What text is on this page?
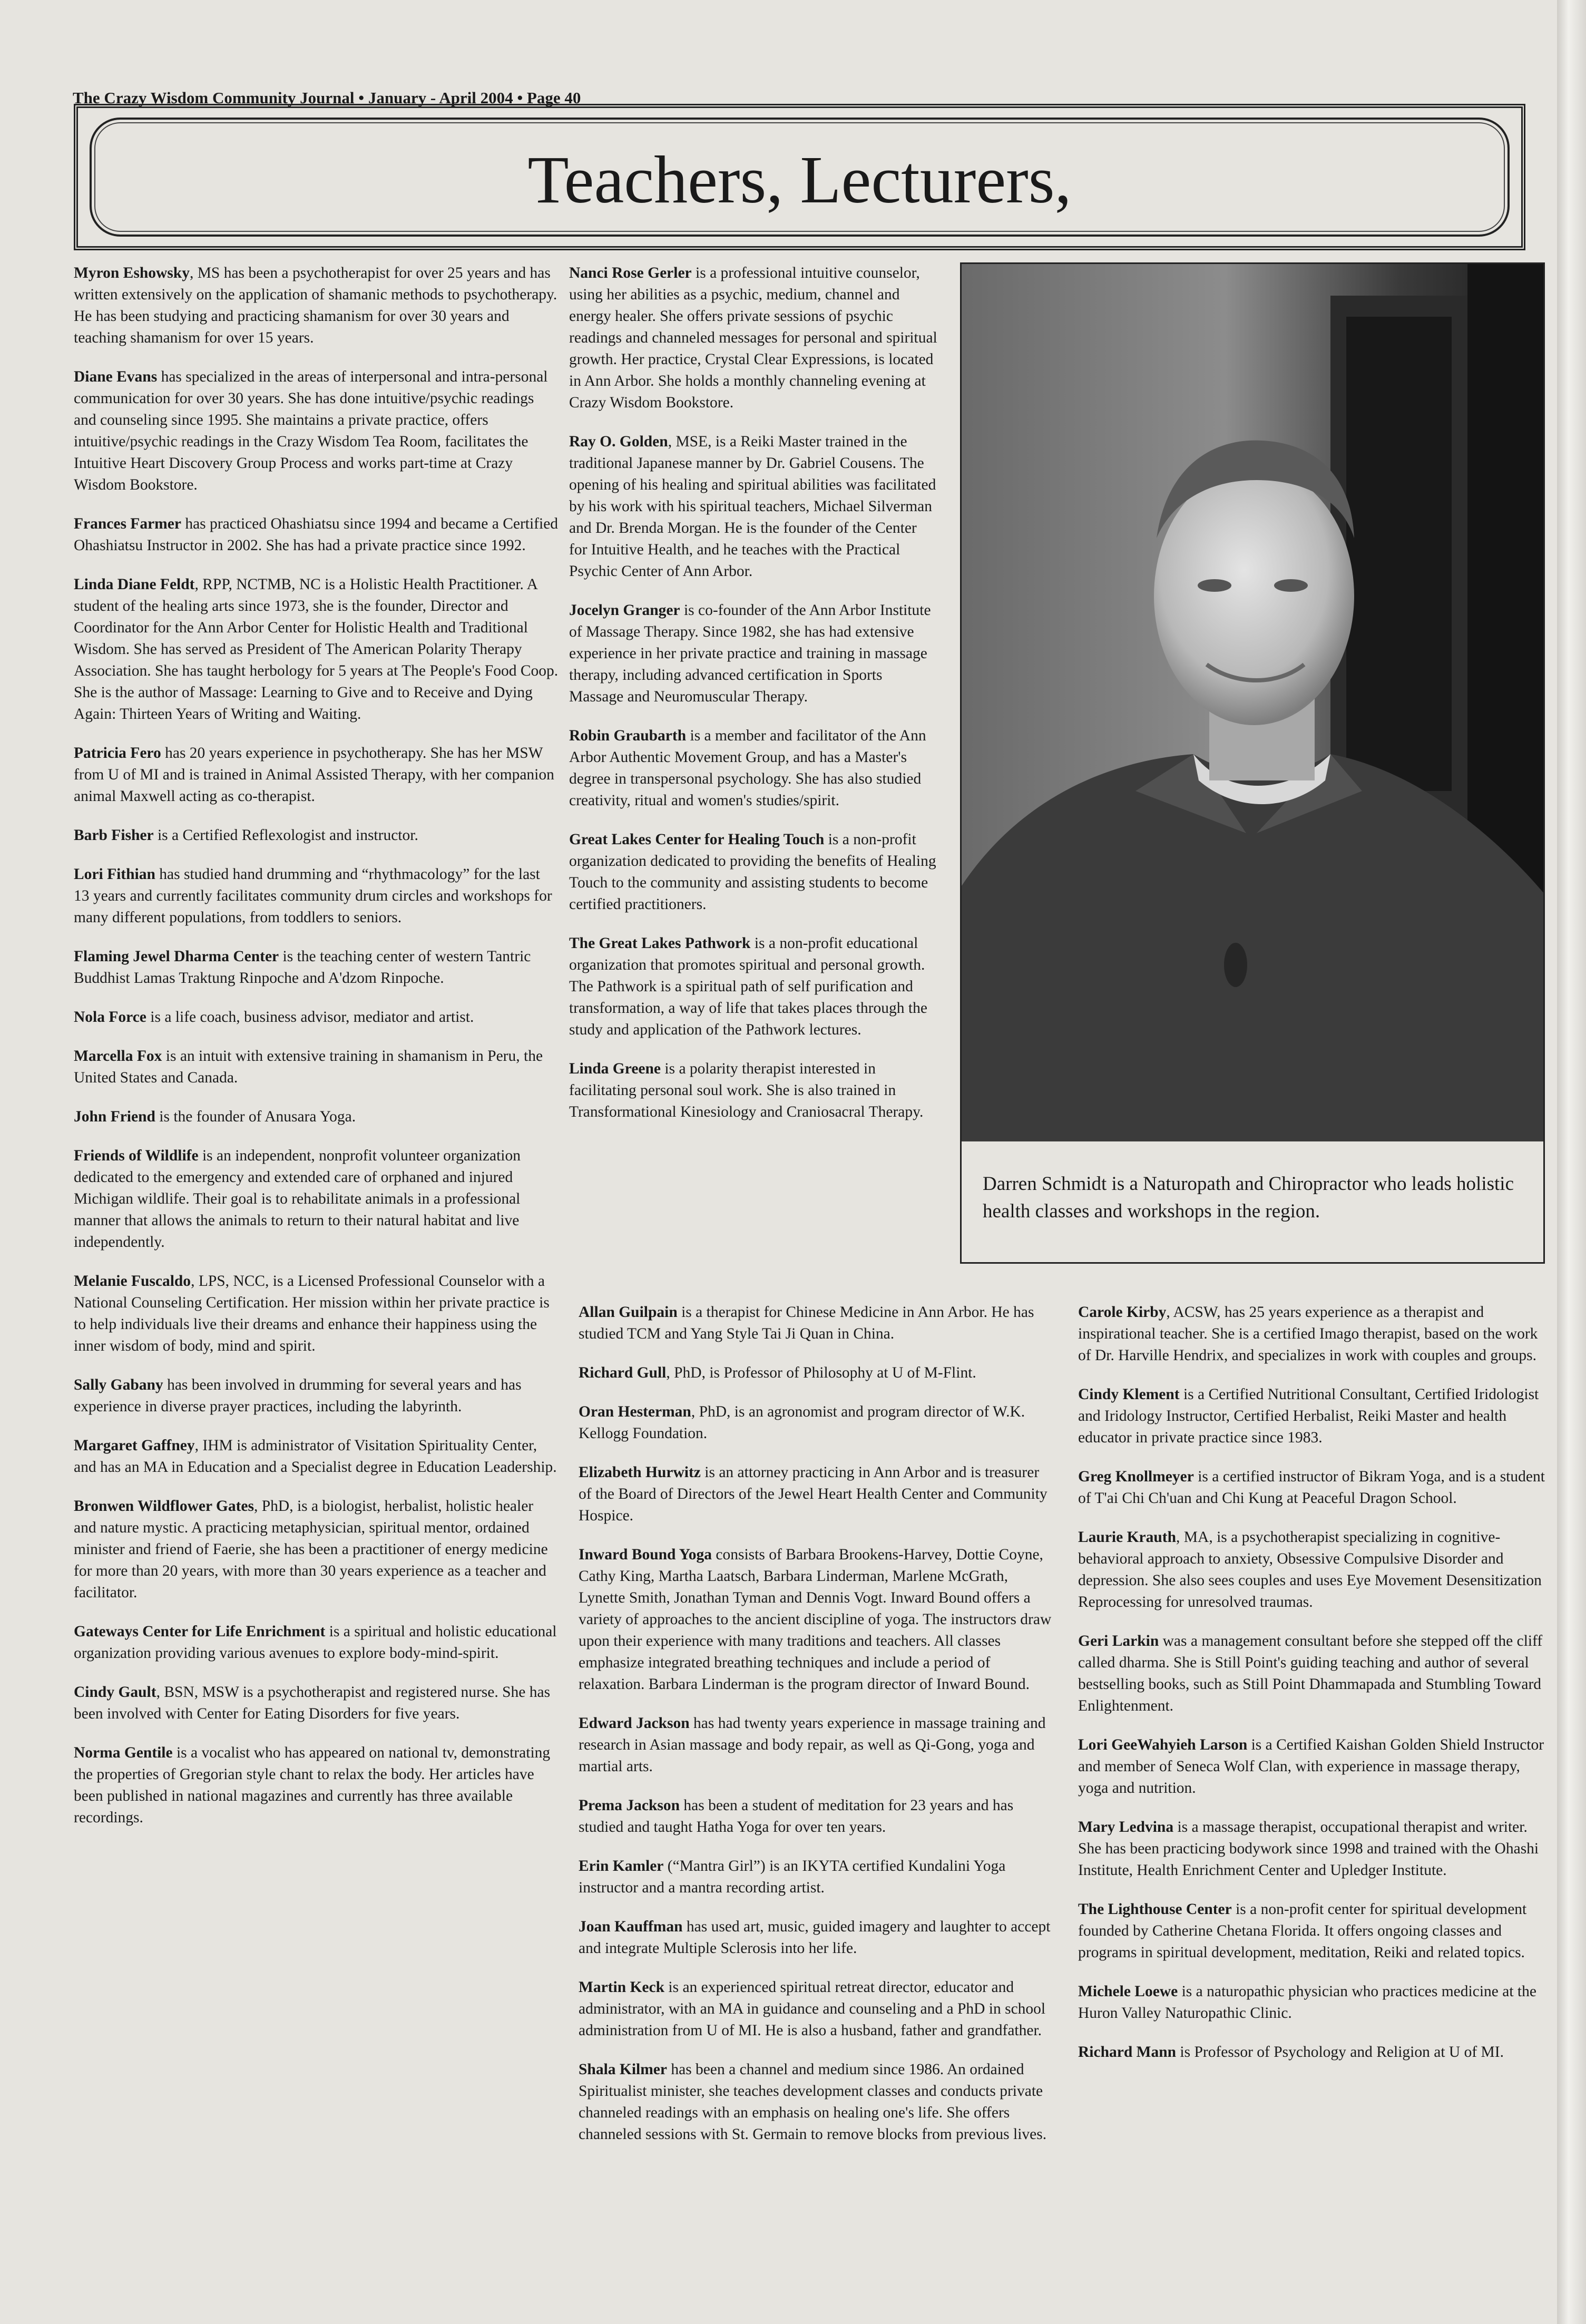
The Crazy Wisdom Community Journal • January - April 2004 • Page 40
Teachers, Lecturers,

Myron Eshowsky, MS has been a psychotherapist for over 25 years and has written extensively on the application of shamanic methods to psychotherapy. He has been studying and practicing shamanism for over 30 years and teaching shamanism for over 15 years.

Diane Evans has specialized in the areas of interpersonal and intra-personal communication for over 30 years. She has done intuitive/psychic readings and counseling since 1995. She maintains a private practice, offers intuitive/psychic readings in the Crazy Wisdom Tea Room, facilitates the Intuitive Heart Discovery Group Process and works part-time at Crazy Wisdom Bookstore.

Frances Farmer has practiced Ohashiatsu since 1994 and became a Certified Ohashiatsu Instructor in 2002. She has had a private practice since 1992.

Linda Diane Feldt, RPP, NCTMB, NC is a Holistic Health Practitioner. A student of the healing arts since 1973, she is the founder, Director and Coordinator for the Ann Arbor Center for Holistic Health and Traditional Wisdom. She has served as President of The American Polarity Therapy Association. She has taught herbology for 5 years at The People's Food Coop. She is the author of Massage: Learning to Give and to Receive and Dying Again: Thirteen Years of Writing and Waiting.

Patricia Fero has 20 years experience in psychotherapy. She has her MSW from U of MI and is trained in Animal Assisted Therapy, with her companion animal Maxwell acting as co-therapist.

Barb Fisher is a Certified Reflexologist and instructor.

Lori Fithian has studied hand drumming and “rhythmacology” for the last 13 years and currently facilitates community drum circles and workshops for many different populations, from toddlers to seniors.

Flaming Jewel Dharma Center is the teaching center of western Tantric Buddhist Lamas Traktung Rinpoche and A'dzom Rinpoche.

Nola Force is a life coach, business advisor, mediator and artist.

Marcella Fox is an intuit with extensive training in shamanism in Peru, the United States and Canada.

John Friend is the founder of Anusara Yoga.

Friends of Wildlife is an independent, nonprofit volunteer organization dedicated to the emergency and extended care of orphaned and injured Michigan wildlife. Their goal is to rehabilitate animals in a professional manner that allows the animals to return to their natural habitat and live independently.

Melanie Fuscaldo, LPS, NCC, is a Licensed Professional Counselor with a National Counseling Certification. Her mission within her private practice is to help individuals live their dreams and enhance their happiness using the inner wisdom of body, mind and spirit.

Sally Gabany has been involved in drumming for several years and has experience in diverse prayer practices, including the labyrinth.

Margaret Gaffney, IHM is administrator of Visitation Spirituality Center, and has an MA in Education and a Specialist degree in Education Leadership.

Bronwen Wildflower Gates, PhD, is a biologist, herbalist, holistic healer and nature mystic. A practicing metaphysician, spiritual mentor, ordained minister and friend of Faerie, she has been a practitioner of energy medicine for more than 20 years, with more than 30 years experience as a teacher and facilitator.

Gateways Center for Life Enrichment is a spiritual and holistic educational organization providing various avenues to explore body-mind-spirit.

Cindy Gault, BSN, MSW is a psychotherapist and registered nurse. She has been involved with Center for Eating Disorders for five years.

Norma Gentile is a vocalist who has appeared on national tv, demonstrating the properties of Gregorian style chant to relax the body. Her articles have been published in national magazines and currently has three available recordings.

Nanci Rose Gerler is a professional intuitive counselor, using her abilities as a psychic, medium, channel and energy healer. She offers private sessions of psychic readings and channeled messages for personal and spiritual growth. Her practice, Crystal Clear Expressions, is located in Ann Arbor. She holds a monthly channeling evening at Crazy Wisdom Bookstore.

Ray O. Golden, MSE, is a Reiki Master trained in the traditional Japanese manner by Dr. Gabriel Cousens. The opening of his healing and spiritual abilities was facilitated by his work with his spiritual teachers, Michael Silverman and Dr. Brenda Morgan. He is the founder of the Center for Intuitive Health, and he teaches with the Practical Psychic Center of Ann Arbor.

Jocelyn Granger is co-founder of the Ann Arbor Institute of Massage Therapy. Since 1982, she has had extensive experience in her private practice and training in massage therapy, including advanced certification in Sports Massage and Neuromuscular Therapy.

Robin Graubarth is a member and facilitator of the Ann Arbor Authentic Movement Group, and has a Master's degree in transpersonal psychology. She has also studied creativity, ritual and women's studies/spirit.

Great Lakes Center for Healing Touch is a non-profit organization dedicated to providing the benefits of Healing Touch to the community and assisting students to become certified practitioners.

The Great Lakes Pathwork is a non-profit educational organization that promotes spiritual and personal growth. The Pathwork is a spiritual path of self purification and transformation, a way of life that takes places through the study and application of the Pathwork lectures.

Linda Greene is a polarity therapist interested in facilitating personal soul work. She is also trained in Transformational Kinesiology and Craniosacral Therapy.

Allan Guilpain is a therapist for Chinese Medicine in Ann Arbor. He has studied TCM and Yang Style Tai Ji Quan in China.

Richard Gull, PhD, is Professor of Philosophy at U of M-Flint.

Oran Hesterman, PhD, is an agronomist and program director of W.K. Kellogg Foundation.

Elizabeth Hurwitz is an attorney practicing in Ann Arbor and is treasurer of the Board of Directors of the Jewel Heart Health Center and Community Hospice.

Inward Bound Yoga consists of Barbara Brookens-Harvey, Dottie Coyne, Cathy King, Martha Laatsch, Barbara Linderman, Marlene McGrath, Lynette Smith, Jonathan Tyman and Dennis Vogt. Inward Bound offers a variety of approaches to the ancient discipline of yoga. The instructors draw upon their experience with many traditions and teachers. All classes emphasize integrated breathing techniques and include a period of relaxation. Barbara Linderman is the program director of Inward Bound.

Edward Jackson has had twenty years experience in massage training and research in Asian massage and body repair, as well as Qi-Gong, yoga and martial arts.

Prema Jackson has been a student of meditation for 23 years and has studied and taught Hatha Yoga for over ten years.

Erin Kamler (“Mantra Girl”) is an IKYTA certified Kundalini Yoga instructor and a mantra recording artist.

Joan Kauffman has used art, music, guided imagery and laughter to accept and integrate Multiple Sclerosis into her life.

Martin Keck is an experienced spiritual retreat director, educator and administrator, with an MA in guidance and counseling and a PhD in school administration from U of MI. He is also a husband, father and grandfather.

Shala Kilmer has been a channel and medium since 1986. An ordained Spiritualist minister, she teaches development classes and conducts private channeled readings with an emphasis on healing one's life. She offers channeled sessions with St. Germain to remove blocks from previous lives.

Carole Kirby, ACSW, has 25 years experience as a therapist and inspirational teacher. She is a certified Imago therapist, based on the work of Dr. Harville Hendrix, and specializes in work with couples and groups.

Cindy Klement is a Certified Nutritional Consultant, Certified Iridologist and Iridology Instructor, Certified Herbalist, Reiki Master and health educator in private practice since 1983.

Greg Knollmeyer is a certified instructor of Bikram Yoga, and is a student of T'ai Chi Ch'uan and Chi Kung at Peaceful Dragon School.

Laurie Krauth, MA, is a psychotherapist specializing in cognitive-behavioral approach to anxiety, Obsessive Compulsive Disorder and depression. She also sees couples and uses Eye Movement Desensitization Reprocessing for unresolved traumas.

Geri Larkin was a management consultant before she stepped off the cliff called dharma. She is Still Point's guiding teaching and author of several bestselling books, such as Still Point Dhammapada and Stumbling Toward Enlightenment.

Lori GeeWahyieh Larson is a Certified Kaishan Golden Shield Instructor and member of Seneca Wolf Clan, with experience in massage therapy, yoga and nutrition.

Mary Ledvina is a massage therapist, occupational therapist and writer. She has been practicing bodywork since 1998 and trained with the Ohashi Institute, Health Enrichment Center and Upledger Institute.

The Lighthouse Center is a non-profit center for spiritual development founded by Catherine Chetana Florida. It offers ongoing classes and programs in spiritual development, meditation, Reiki and related topics.

Michele Loewe is a naturopathic physician who practices medicine at the Huron Valley Naturopathic Clinic.

Richard Mann is Professor of Psychology and Religion at U of MI.

Darren Schmidt is a Naturopath and Chiropractor who leads holistic health classes and workshops in the region.
